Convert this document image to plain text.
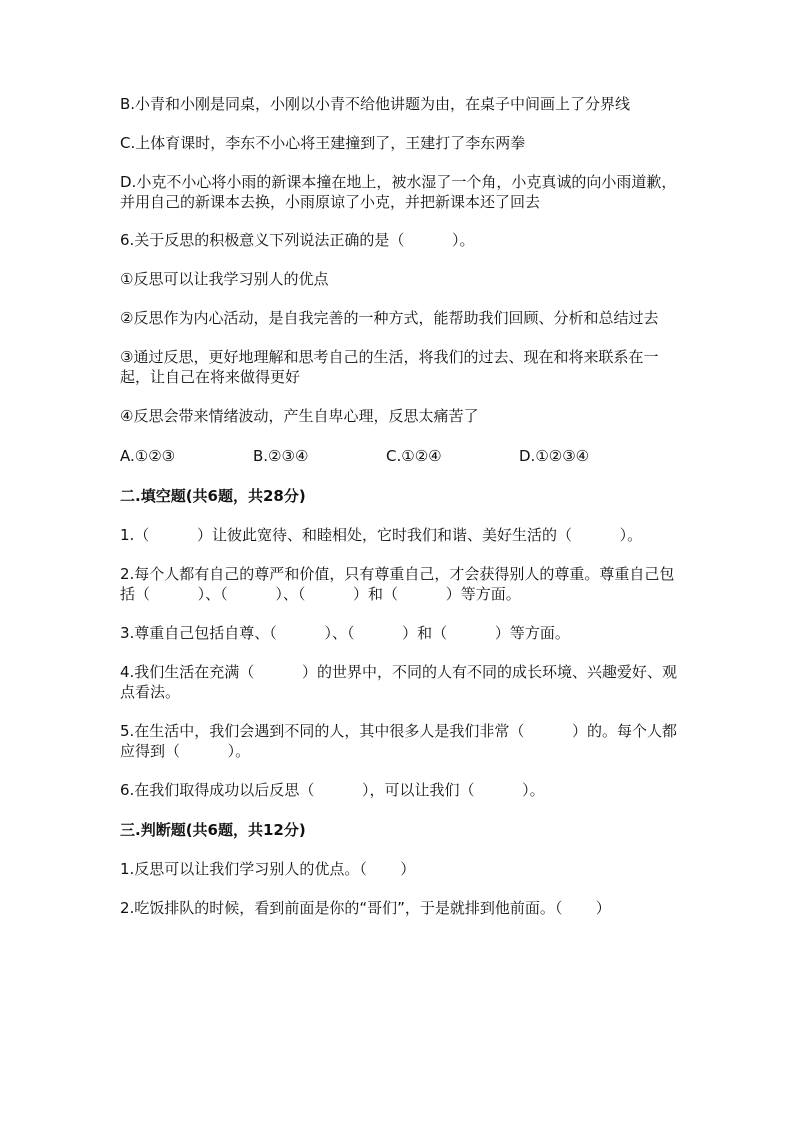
B.小青和小刚是同桌，小刚以小青不给他讲题为由，在桌子中间画上了分界线

C.上体育课时，李东不小心将王建撞到了，王建打了李东两拳

D.小克不小心将小雨的新课本撞在地上，被水湿了一个角，小克真诚的向小雨道歉，并用自己的新课本去换，小雨原谅了小克，并把新课本还了回去

6.关于反思的积极意义下列说法正确的是（          ）。

①反思可以让我学习别人的优点

②反思作为内心活动，是自我完善的一种方式，能帮助我们回顾、分析和总结过去

③通过反思，更好地理解和思考自己的生活，将我们的过去、现在和将来联系在一起，让自己在将来做得更好

④反思会带来情绪波动，产生自卑心理，反思太痛苦了

A.①②③	B.②③④	C.①②④	D.①②③④

二.填空题(共6题，共28分)

1.（          ）让彼此宽待、和睦相处，它时我们和谐、美好生活的（          ）。

2.每个人都有自己的尊严和价值，只有尊重自己，才会获得别人的尊重。尊重自己包括（          ）、（          ）、（          ）和（          ）等方面。

3.尊重自己包括自尊、（          ）、（          ）和（          ）等方面。

4.我们生活在充满（          ）的世界中，不同的人有不同的成长环境、兴趣爱好、观点看法。

5.在生活中，我们会遇到不同的人，其中很多人是我们非常（          ）的。每个人都应得到（          ）。

6.在我们取得成功以后反思（          ），可以让我们（          ）。

三.判断题(共6题，共12分)

1.反思可以让我们学习别人的优点。（       ）

2.吃饭排队的时候，看到前面是你的“哥们”，于是就排到他前面。（       ）
